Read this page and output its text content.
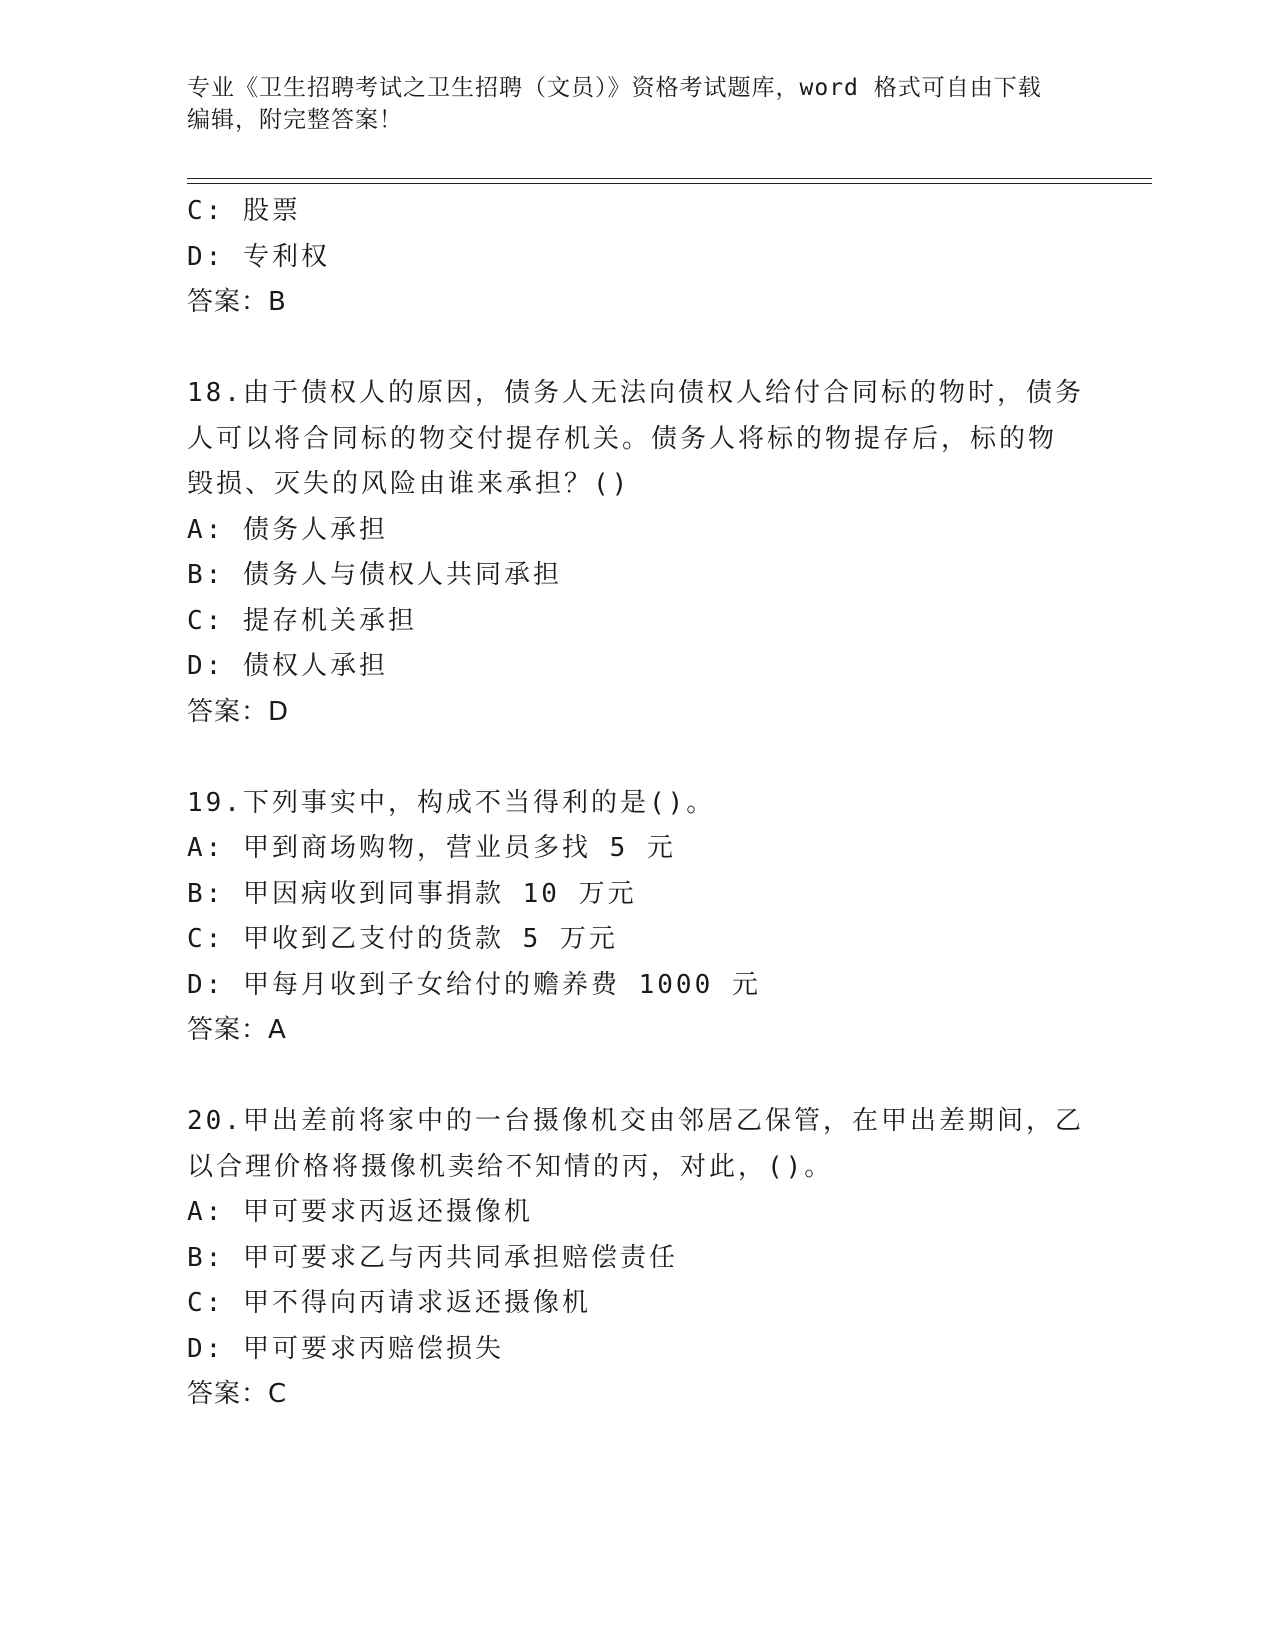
专业《卫生招聘考试之卫生招聘（文员）》资格考试题库，word 格式可自由下载
编辑，附完整答案！
C: 股票
D: 专利权
答案：B
18.由于债权人的原因，债务人无法向债权人给付合同标的物时，债务
人可以将合同标的物交付提存机关。债务人将标的物提存后，标的物
毁损、灭失的风险由谁来承担？()
A: 债务人承担
B: 债务人与债权人共同承担
C: 提存机关承担
D: 债权人承担
答案：D
19.下列事实中，构成不当得利的是()。
A: 甲到商场购物，营业员多找 5 元
B: 甲因病收到同事捐款 10 万元
C: 甲收到乙支付的货款 5 万元
D: 甲每月收到子女给付的赡养费 1000 元
答案：A
20.甲出差前将家中的一台摄像机交由邻居乙保管，在甲出差期间，乙
以合理价格将摄像机卖给不知情的丙，对此，()。
A: 甲可要求丙返还摄像机
B: 甲可要求乙与丙共同承担赔偿责任
C: 甲不得向丙请求返还摄像机
D: 甲可要求丙赔偿损失
答案：C
